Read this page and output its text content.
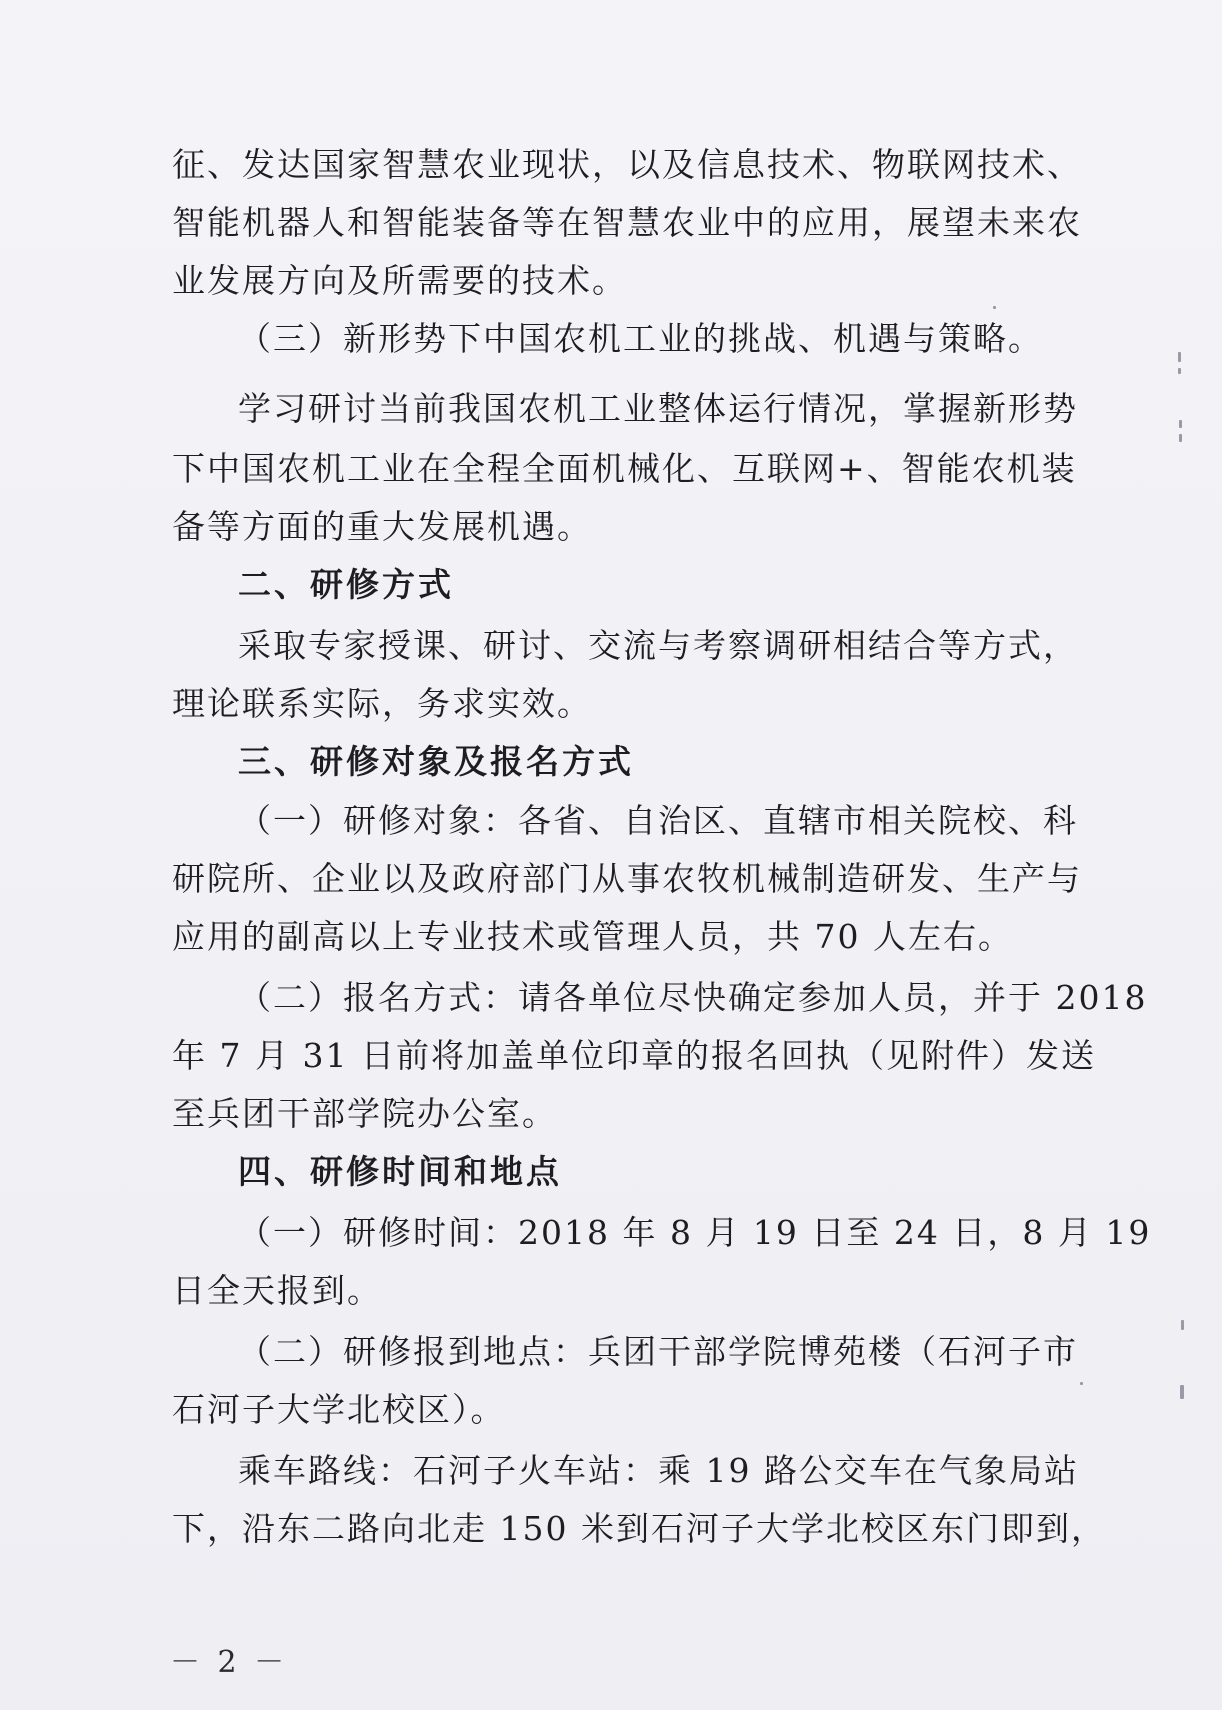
征、发达国家智慧农业现状，以及信息技术、物联网技术、
智能机器人和智能装备等在智慧农业中的应用，展望未来农
业发展方向及所需要的技术。
（三）新形势下中国农机工业的挑战、机遇与策略。
学习研讨当前我国农机工业整体运行情况，掌握新形势
下中国农机工业在全程全面机械化、互联网+、智能农机装
备等方面的重大发展机遇。
二、研修方式
采取专家授课、研讨、交流与考察调研相结合等方式，
理论联系实际，务求实效。
三、研修对象及报名方式
（一）研修对象：各省、自治区、直辖市相关院校、科
研院所、企业以及政府部门从事农牧机械制造研发、生产与
应用的副高以上专业技术或管理人员，共 70 人左右。
（二）报名方式：请各单位尽快确定参加人员，并于 2018
年 7 月 31 日前将加盖单位印章的报名回执（见附件）发送
至兵团干部学院办公室。
四、研修时间和地点
（一）研修时间：2018 年 8 月 19 日至 24 日，8 月 19
日全天报到。
（二）研修报到地点：兵团干部学院博苑楼（石河子市
石河子大学北校区）。
乘车路线：石河子火车站：乘 19 路公交车在气象局站
下，沿东二路向北走 150 米到石河子大学北校区东门即到，
－ 2 －
